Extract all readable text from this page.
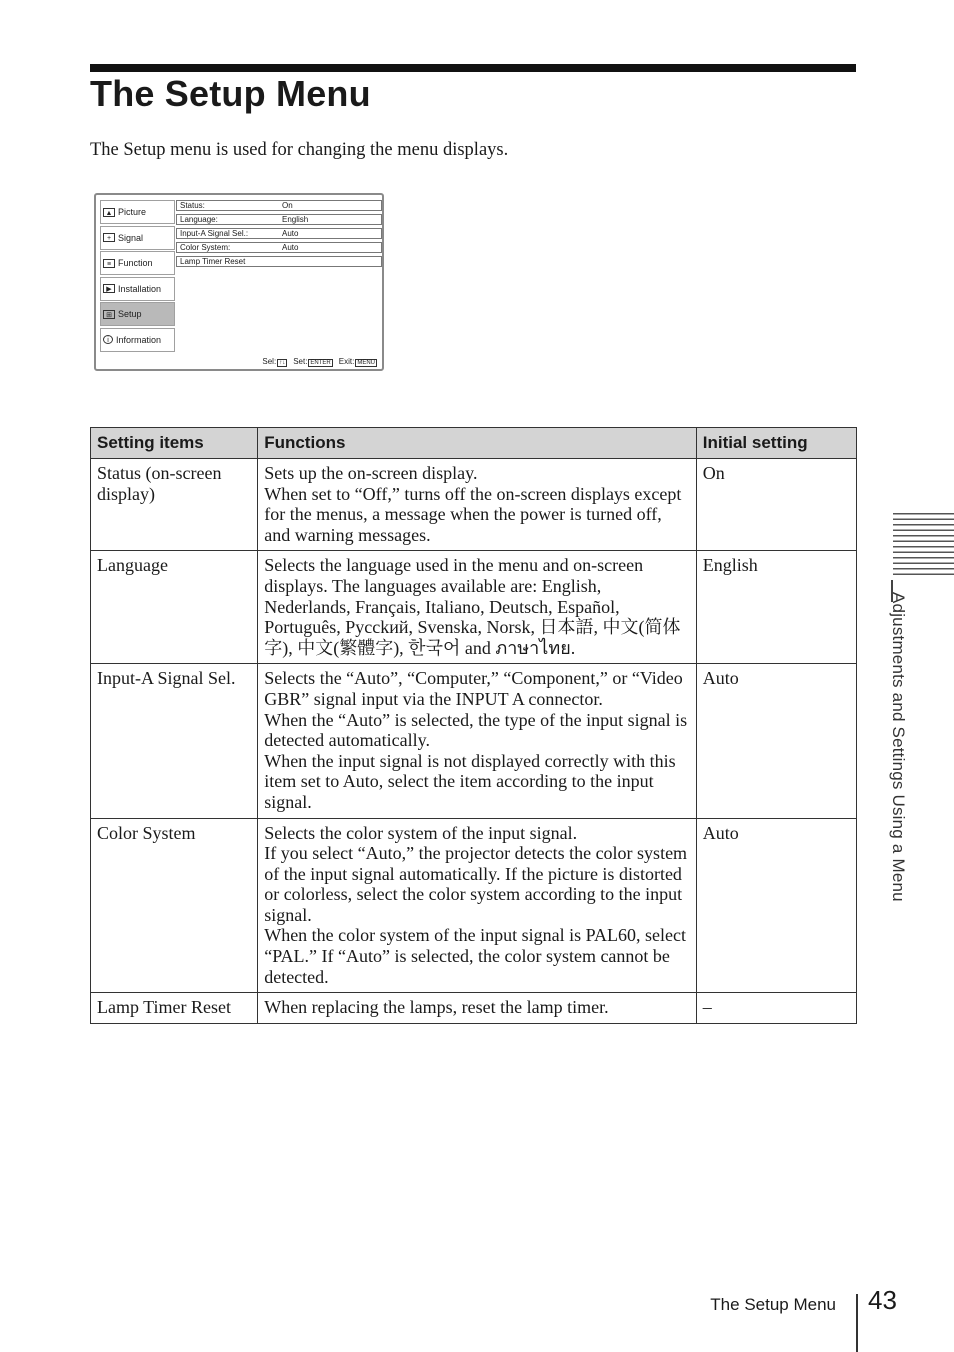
The Setup Menu

The Setup menu is used for changing the menu displays.

▲ Picture
+ Signal
≡ Function
▶ Installation
⊞ Setup
i Information
Status:	On
Language:	English
Input-A Signal Sel.:	Auto
Color System:	Auto
Lamp Timer Reset
Sel: ↑↓ Set: ENTER Exit: MENU
Setting items	Functions	Initial setting
Status (on-screen display)	Sets up the on-screen display.
When set to “Off,” turns off the on-screen displays except for the menus, a message when the power is turned off, and warning messages.	On
Language	Selects the language used in the menu and on-screen displays. The languages available are: English, Nederlands, Français, Italiano, Deutsch, Español, Português, Pycckий, Svenska, Norsk, 日本語, 中文(简体字), 中文(繁體字), 한국어 and ภาษาไทย.	English
Input-A Signal Sel.	Selects the “Auto”, “Computer,” “Component,” or “Video GBR” signal input via the INPUT A connector.
When the “Auto” is selected, the type of the input signal is detected automatically.
When the input signal is not displayed correctly with this item set to Auto, select the item according to the input signal.	Auto
Color System	Selects the color system of the input signal.
If you select “Auto,” the projector detects the color system of the input signal automatically. If the picture is distorted or colorless, select the color system according to the input signal.
When the color system of the input signal is PAL60, select “PAL.” If “Auto” is selected, the color system cannot be detected.	Auto
Lamp Timer Reset	When replacing the lamps, reset the lamp timer.	–
Adjustments and Settings Using a Menu
The Setup Menu 43
